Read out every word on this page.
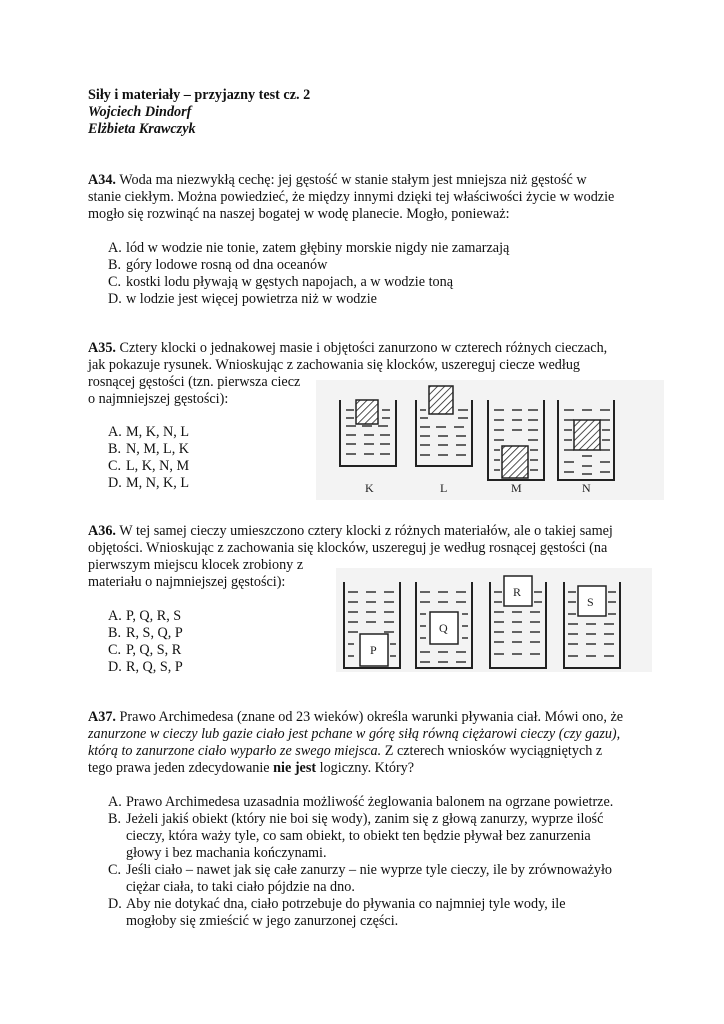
Siły i materiały – przyjazny test cz. 2
Wojciech Dindorf
Elżbieta Krawczyk
A34. Woda ma niezwykłą cechę: jej gęstość w stanie stałym jest mniejsza niż gęstość w
stanie ciekłym. Można powiedzieć, że między innymi dzięki tej właściwości życie w wodzie
mogło się rozwinąć na naszej bogatej w wodę planecie. Mogło, ponieważ:
A. lód w wodzie nie tonie, zatem głębiny morskie nigdy nie zamarzają
B. góry lodowe rosną od dna oceanów
C. kostki lodu pływają w gęstych napojach, a w wodzie toną
D. w lodzie jest więcej powietrza niż w wodzie
A35. Cztery klocki o jednakowej masie i objętości zanurzono w czterech różnych cieczach,
jak pokazuje rysunek. Wnioskując z zachowania się klocków, uszereguj ciecze według
rosnącej gęstości (tzn. pierwsza ciecz
o najmniejszej gęstości):
A. M, K, N, L
B. N, M, L, K
C. L, K, N, M
D. M, N, K, L	K	L	M	N
A36. W tej samej cieczy umieszczono cztery klocki z różnych materiałów, ale o takiej samej
objętości. Wnioskując z zachowania się klocków, uszereguj je według rosnącej gęstości (na
pierwszym miejscu klocek zrobiony z
materiału o najmniejszej gęstości):
A. P, Q, R, S
B. R, S, Q, P
C. P, Q, S, R
D. R, Q, S, P
P
Q
R
S
A37. Prawo Archimedesa (znane od 23 wieków) określa warunki pływania ciał. Mówi ono, że
zanurzone w cieczy lub gazie ciało jest pchane w górę siłą równą ciężarowi cieczy (czy gazu),
którą to zanurzone ciało wyparło ze swego miejsca. Z czterech wniosków wyciągniętych z
tego prawa jeden zdecydowanie nie jest logiczny. Który?
A. Prawo Archimedesa uzasadnia możliwość żeglowania balonem na ogrzane powietrze.
B. Jeżeli jakiś obiekt (który nie boi się wody), zanim się z głową zanurzy, wyprze ilość
cieczy, która waży tyle, co sam obiekt, to obiekt ten będzie pływał bez zanurzenia
głowy i bez machania kończynami.
C. Jeśli ciało – nawet jak się całe zanurzy – nie wyprze tyle cieczy, ile by zrównoważyło
ciężar ciała, to taki ciało pójdzie na dno.
D. Aby nie dotykać dna, ciało potrzebuje do pływania co najmniej tyle wody, ile
mogłoby się zmieścić w jego zanurzonej części.
